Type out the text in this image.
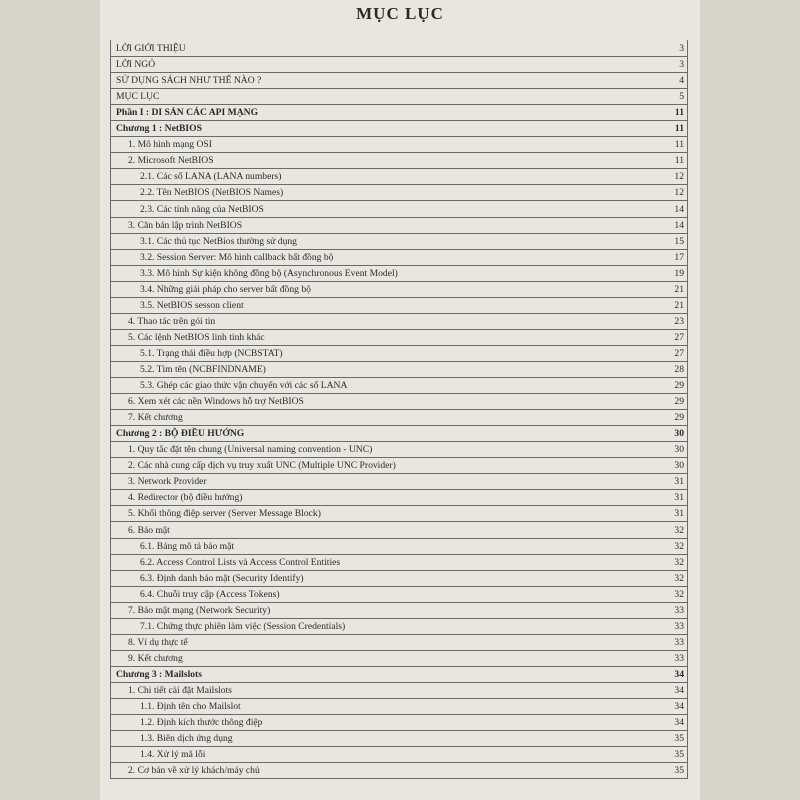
MỤC LỤC
LỜI GIỚI THIỆU	3
LỜI NGỎ	3
SỬ DỤNG SÁCH NHƯ THẾ NÀO ?	4
MỤC LỤC	5
Phần I : DI SẢN CÁC API MẠNG	11
Chương 1 : NetBIOS	11
1. Mô hình mạng OSI	11
2. Microsoft NetBIOS	11
2.1. Các số LANA (LANA numbers)	12
2.2. Tên NetBIOS (NetBIOS Names)	12
2.3. Các tính năng của NetBIOS	14
3. Căn bản lập trình NetBIOS	14
3.1. Các thủ tục NetBios thường sử dụng	15
3.2. Session Server: Mô hình callback bất đồng bộ	17
3.3. Mô hình Sự kiện không đồng bộ (Asynchronous Event Model)	19
3.4. Những giải pháp cho server bất đồng bộ	21
3.5. NetBIOS sesson client	21
4. Thao tác trên gói tin	23
5. Các lệnh NetBIOS linh tinh khác	27
5.1. Trạng thái điều hợp (NCBSTAT)	27
5.2. Tìm tên (NCBFINDNAME)	28
5.3. Ghép các giao thức vận chuyển với các số LANA	29
6. Xem xét các nền Windows hỗ trợ NetBIOS	29
7. Kết chương	29
Chương 2 : BỘ ĐIỀU HƯỚNG	30
1. Quy tắc đặt tên chung (Universal naming convention - UNC)	30
2. Các nhà cung cấp dịch vụ truy xuất UNC (Multiple UNC Provider)	30
3. Network Provider	31
4. Redirector (bộ điều hướng)	31
5. Khối thông điệp server (Server Message Block)	31
6. Bảo mật	32
6.1. Bảng mô tả bảo mật	32
6.2. Access Control Lists và Access Control Entities	32
6.3. Định danh bảo mật (Security Identify)	32
6.4. Chuỗi truy cập (Access Tokens)	32
7. Bảo mật mạng (Network Security)	33
7.1. Chứng thực phiên làm việc (Session Credentials)	33
8. Ví dụ thực tế	33
9. Kết chương	33
Chương 3 : Mailslots	34
1. Chi tiết cài đặt Mailslots	34
1.1. Định tên cho Mailslot	34
1.2. Định kích thước thông điệp	34
1.3. Biên dịch ứng dụng	35
1.4. Xử lý mã lỗi	35
2. Cơ bản về xử lý khách/máy chủ	35
